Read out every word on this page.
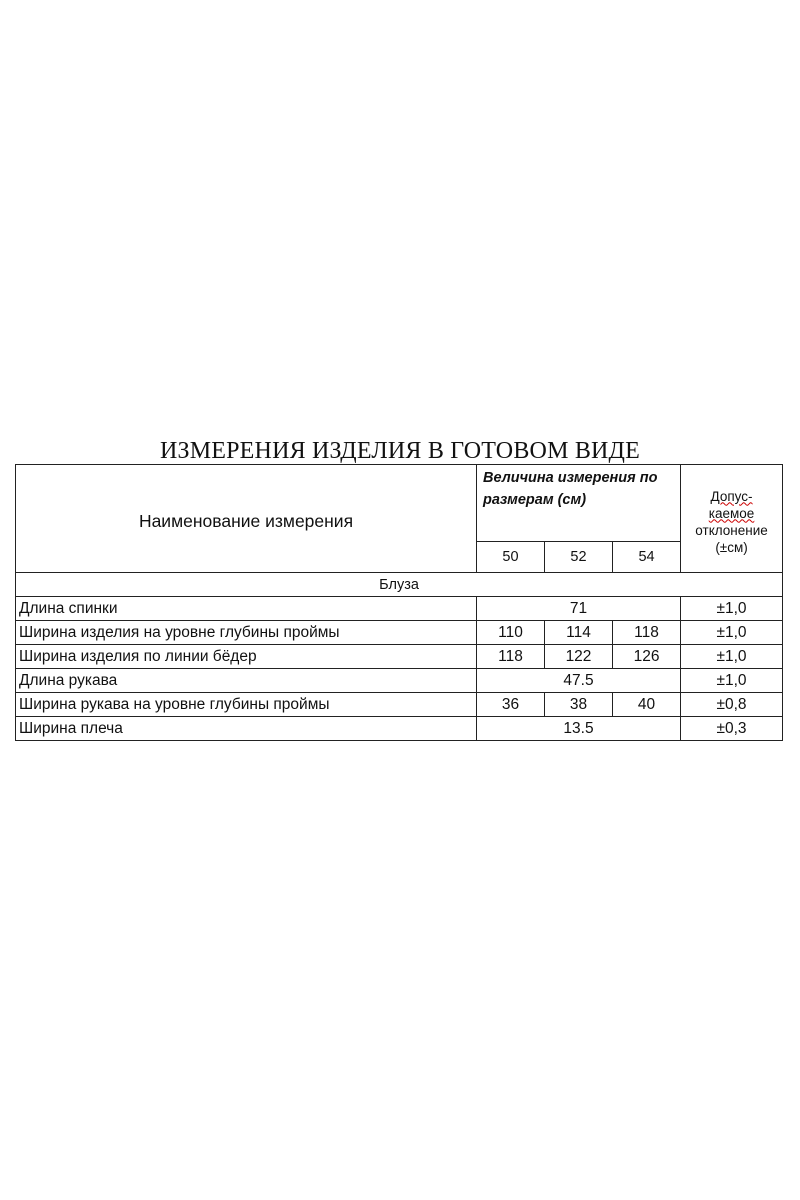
ИЗМЕРЕНИЯ ИЗДЕЛИЯ В ГОТОВОМ ВИДЕ
Наименование измерения	Величина измерения по размерам (см)			Допус-
каемое
отклонение
(±см)
	50	52	54	
Блуза				
Длина спинки	71			±1,0
Ширина изделия на уровне глубины проймы	110	114	118	±1,0
Ширина изделия по линии бёдер	118	122	126	±1,0
Длина рукава	47.5			±1,0
Ширина рукава на уровне глубины проймы	36	38	40	±0,8
Ширина плеча	13.5			±0,3
